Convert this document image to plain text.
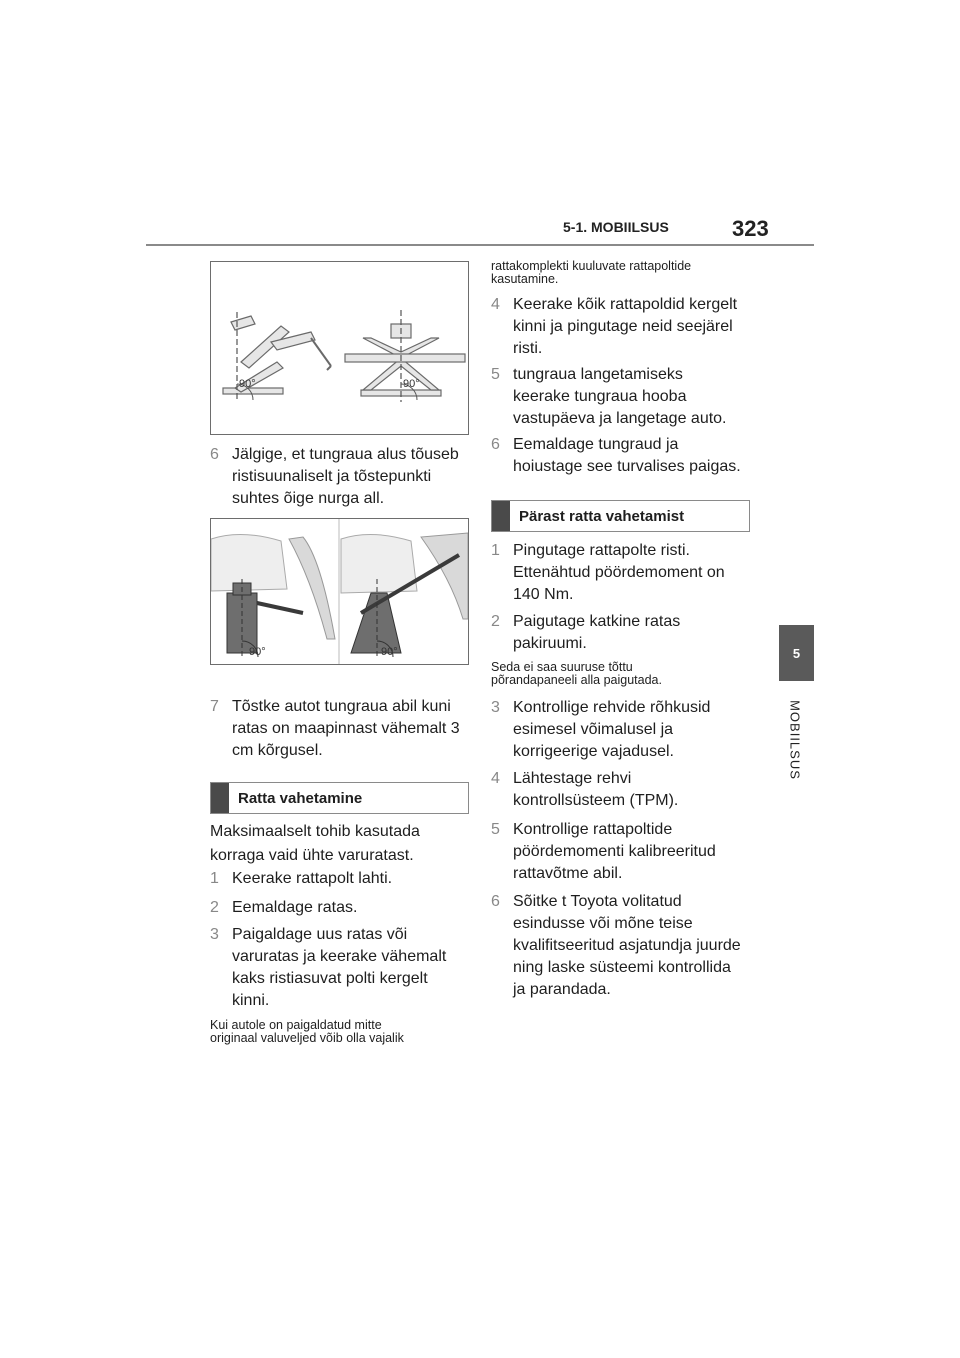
5-1. MOBIILSUS	323
5
MOBIILSUS
90°	90°
6 Jälgige, et tungraua alus tõuseb
ristisuunaliselt ja tõstepunkti
suhtes õige nurga all.
90°	90°
7 Tõstke autot tungraua abil kuni
ratas on maapinnast vähemalt 3
cm kõrgusel.
Ratta vahetamine
Maksimaalselt tohib kasutada
korraga vaid ühte varuratast.
1 Keerake rattapolt lahti.
2 Eemaldage ratas.
3 Paigaldage uus ratas või
varuratas ja keerake vähemalt
kaks ristiasuvat polti kergelt
kinni.
Kui autole on paigaldatud mitte
originaal valuveljed võib olla vajalik
rattakomplekti kuuluvate rattapoltide
kasutamine.
4 Keerake kõik rattapoldid kergelt
kinni ja pingutage neid seejärel
risti.
5 tungraua langetamiseks
keerake tungraua hooba
vastupäeva ja langetage auto.
6 Eemaldage tungraud ja
hoiustage see turvalises paigas.
Pärast ratta vahetamist
1 Pingutage rattapolte risti.
Ettenähtud pöördemoment on
140 Nm.
2 Paigutage katkine ratas
pakiruumi.
Seda ei saa suuruse tõttu
põrandapaneeli alla paigutada.
3 Kontrollige rehvide rõhkusid
esimesel võimalusel ja
korrigeerige vajadusel.
4 Lähtestage rehvi
kontrollsüsteem (TPM).
5 Kontrollige rattapoltide
pöördemomenti kalibreeritud
rattavõtme abil.
6 Sõitke t Toyota volitatud
esindusse või mõne teise
kvalifitseeritud asjatundja juurde
ning laske süsteemi kontrollida
ja parandada.
